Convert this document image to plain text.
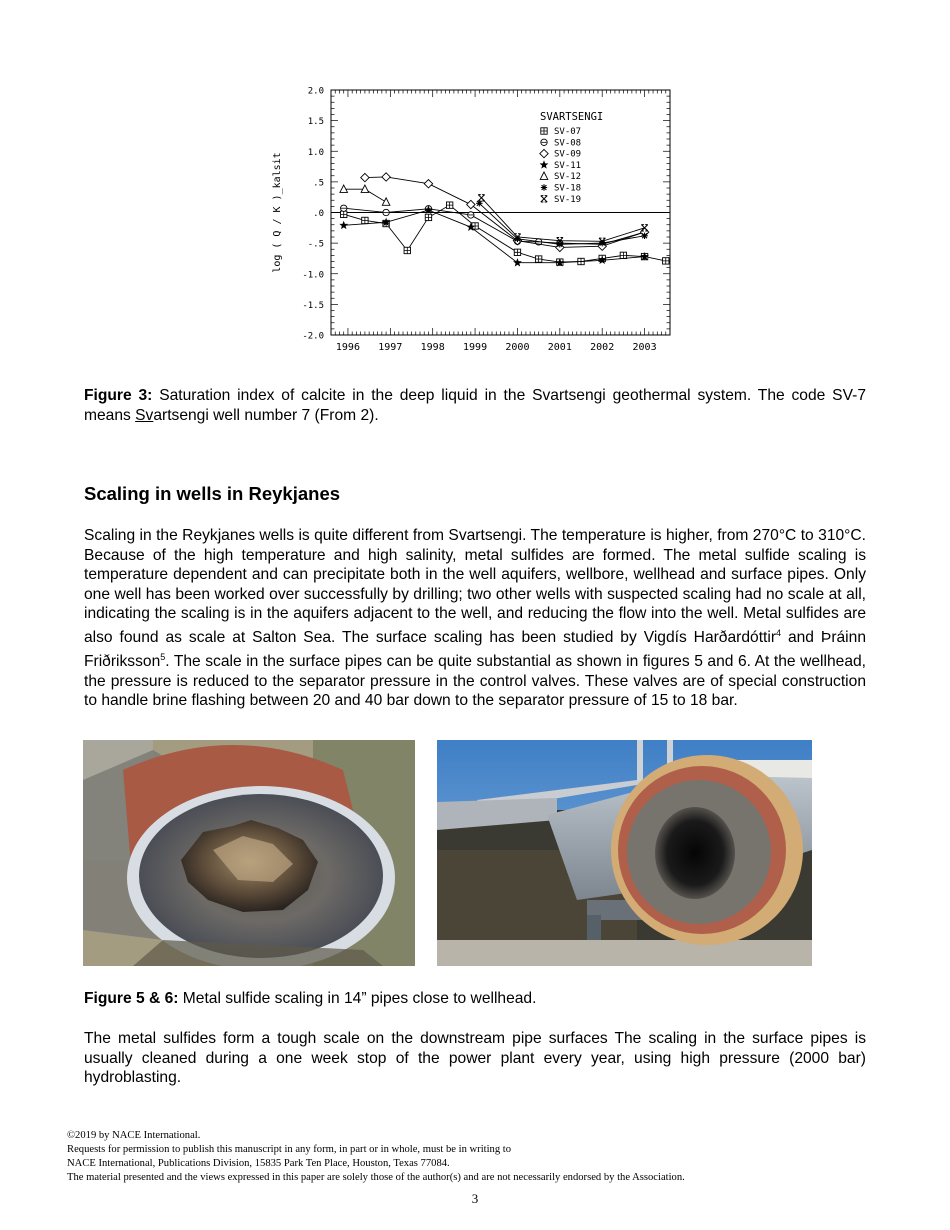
1996 1997 1998 1999 2000 2001 2002 2003
2.0
1.5
1.0
.5
.0
-.5
-1.0
-1.5
-2.0
log ( Q / K )_kalsit
SVARTSENGI
SV-07
SV-08
SV-09
SV-11
SV-12
SV-18
SV-19
Figure 3: Saturation index of calcite in the deep liquid in the Svartsengi geothermal system. The code SV-7 means Svartsengi well number 7 (From 2).
Scaling in wells in Reykjanes
Scaling in the Reykjanes wells is quite different from Svartsengi. The temperature is higher, from 270°C to 310°C. Because of the high temperature and high salinity, metal sulfides are formed. The metal sulfide scaling is temperature dependent and can precipitate both in the well aquifers, wellbore, wellhead and surface pipes. Only one well has been worked over successfully by drilling; two other wells with suspected scaling had no scale at all, indicating the scaling is in the aquifers adjacent to the well, and reducing the flow into the well. Metal sulfides are also found as scale at Salton Sea. The surface scaling has been studied by Vigdís Harðardóttir$^4$ and Þráinn Friðriksson$^5$. The scale in the surface pipes can be quite substantial as shown in figures 5 and 6. At the wellhead, the pressure is reduced to the separator pressure in the control valves. These valves are of special construction to handle brine flashing between 20 and 40 bar down to the separator pressure of 15 to 18 bar.
Figure 5 & 6: Metal sulfide scaling in 14” pipes close to wellhead.
The metal sulfides form a tough scale on the downstream pipe surfaces The scaling in the surface pipes is usually cleaned during a one week stop of the power plant every year, using high pressure (2000 bar) hydroblasting.
©2019 by NACE International.
Requests for permission to publish this manuscript in any form, in part or in whole, must be in writing to
NACE International, Publications Division, 15835 Park Ten Place, Houston, Texas 77084.
The material presented and the views expressed in this paper are solely those of the author(s) and are not necessarily endorsed by the Association.
3
